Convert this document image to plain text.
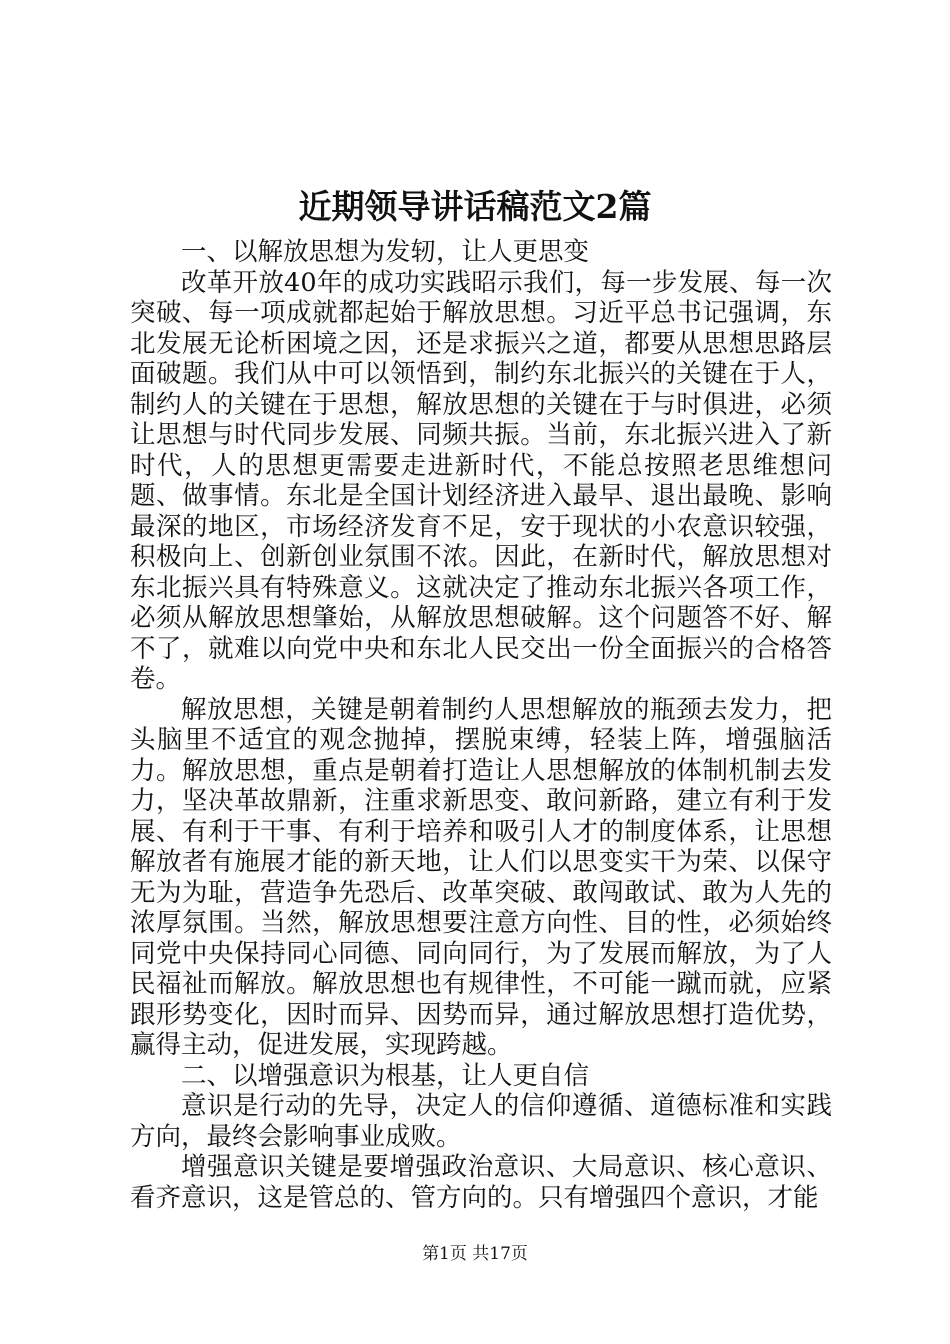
近期领导讲话稿范文2篇

一、以解放思想为发轫，让人更思变

改革开放40年的成功实践昭示我们，每一步发展、每一次突破、每一项成就都起始于解放思想。习近平总书记强调，东北发展无论析困境之因，还是求振兴之道，都要从思想思路层面破题。我们从中可以领悟到，制约东北振兴的关键在于人，制约人的关键在于思想，解放思想的关键在于与时俱进，必须让思想与时代同步发展、同频共振。当前，东北振兴进入了新时代，人的思想更需要走进新时代，不能总按照老思维想问题、做事情。东北是全国计划经济进入最早、退出最晚、影响最深的地区，市场经济发育不足，安于现状的小农意识较强，积极向上、创新创业氛围不浓。因此，在新时代，解放思想对东北振兴具有特殊意义。这就决定了推动东北振兴各项工作，必须从解放思想肇始，从解放思想破解。这个问题答不好、解不了，就难以向党中央和东北人民交出一份全面振兴的合格答卷。

解放思想，关键是朝着制约人思想解放的瓶颈去发力，把头脑里不适宜的观念抛掉，摆脱束缚，轻装上阵，增强脑活力。解放思想，重点是朝着打造让人思想解放的体制机制去发力，坚决革故鼎新，注重求新思变、敢问新路，建立有利于发展、有利于干事、有利于培养和吸引人才的制度体系，让思想解放者有施展才能的新天地，让人们以思变实干为荣、以保守无为为耻，营造争先恐后、改革突破、敢闯敢试、敢为人先的浓厚氛围。当然，解放思想要注意方向性、目的性，必须始终同党中央保持同心同德、同向同行，为了发展而解放，为了人民福祉而解放。解放思想也有规律性，不可能一蹴而就，应紧跟形势变化，因时而异、因势而异，通过解放思想打造优势，赢得主动，促进发展，实现跨越。

二、以增强意识为根基，让人更自信

意识是行动的先导，决定人的信仰遵循、道德标准和实践方向，最终会影响事业成败。

增强意识关键是要增强政治意识、大局意识、核心意识、看齐意识，这是管总的、管方向的。只有增强四个意识，才能

第1页 共17页
